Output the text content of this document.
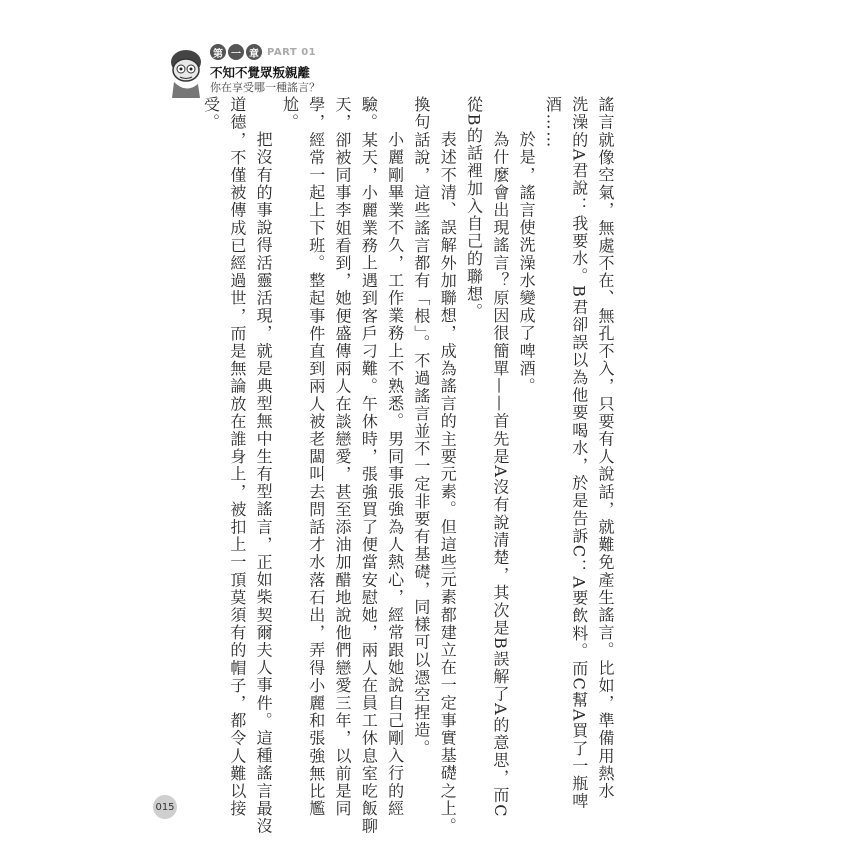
第 一 章 PART 01
不知不覺眾叛親離
你在享受哪一種謠言？
謠言就像空氣，無處不在、無孔不入，只要有人說話，就難免產生謠言。比如，準備用熱水
洗澡的A君說：我要水。B君卻誤以為他要喝水，於是告訴C：A要飲料。而C幫A買了一瓶啤
酒……
於是，謠言使洗澡水變成了啤酒。
為什麼會出現謠言？原因很簡單——首先是A沒有說清楚，其次是B誤解了A的意思，而C
從B的話裡加入自己的聯想。
表述不清、誤解外加聯想，成為謠言的主要元素。但這些元素都建立在一定事實基礎之上。
換句話說，這些謠言都有「根」。不過謠言並不一定非要有基礎，同樣可以憑空捏造。
小麗剛畢業不久，工作業務上不熟悉。男同事張強為人熱心，經常跟她說自己剛入行的經
驗。某天，小麗業務上遇到客戶刁難。午休時，張強買了便當安慰她，兩人在員工休息室吃飯聊
天，卻被同事李姐看到，她便盛傳兩人在談戀愛，甚至添油加醋地說他們戀愛三年，以前是同
學，經常一起上下班。整起事件直到兩人被老闆叫去問話才水落石出，弄得小麗和張強無比尷
尬。
把沒有的事說得活靈活現，就是典型無中生有型謠言，正如柴契爾夫人事件。這種謠言最沒
道德，不僅被傳成已經過世，而是無論放在誰身上，被扣上一頂莫須有的帽子，都令人難以接
受。
015
